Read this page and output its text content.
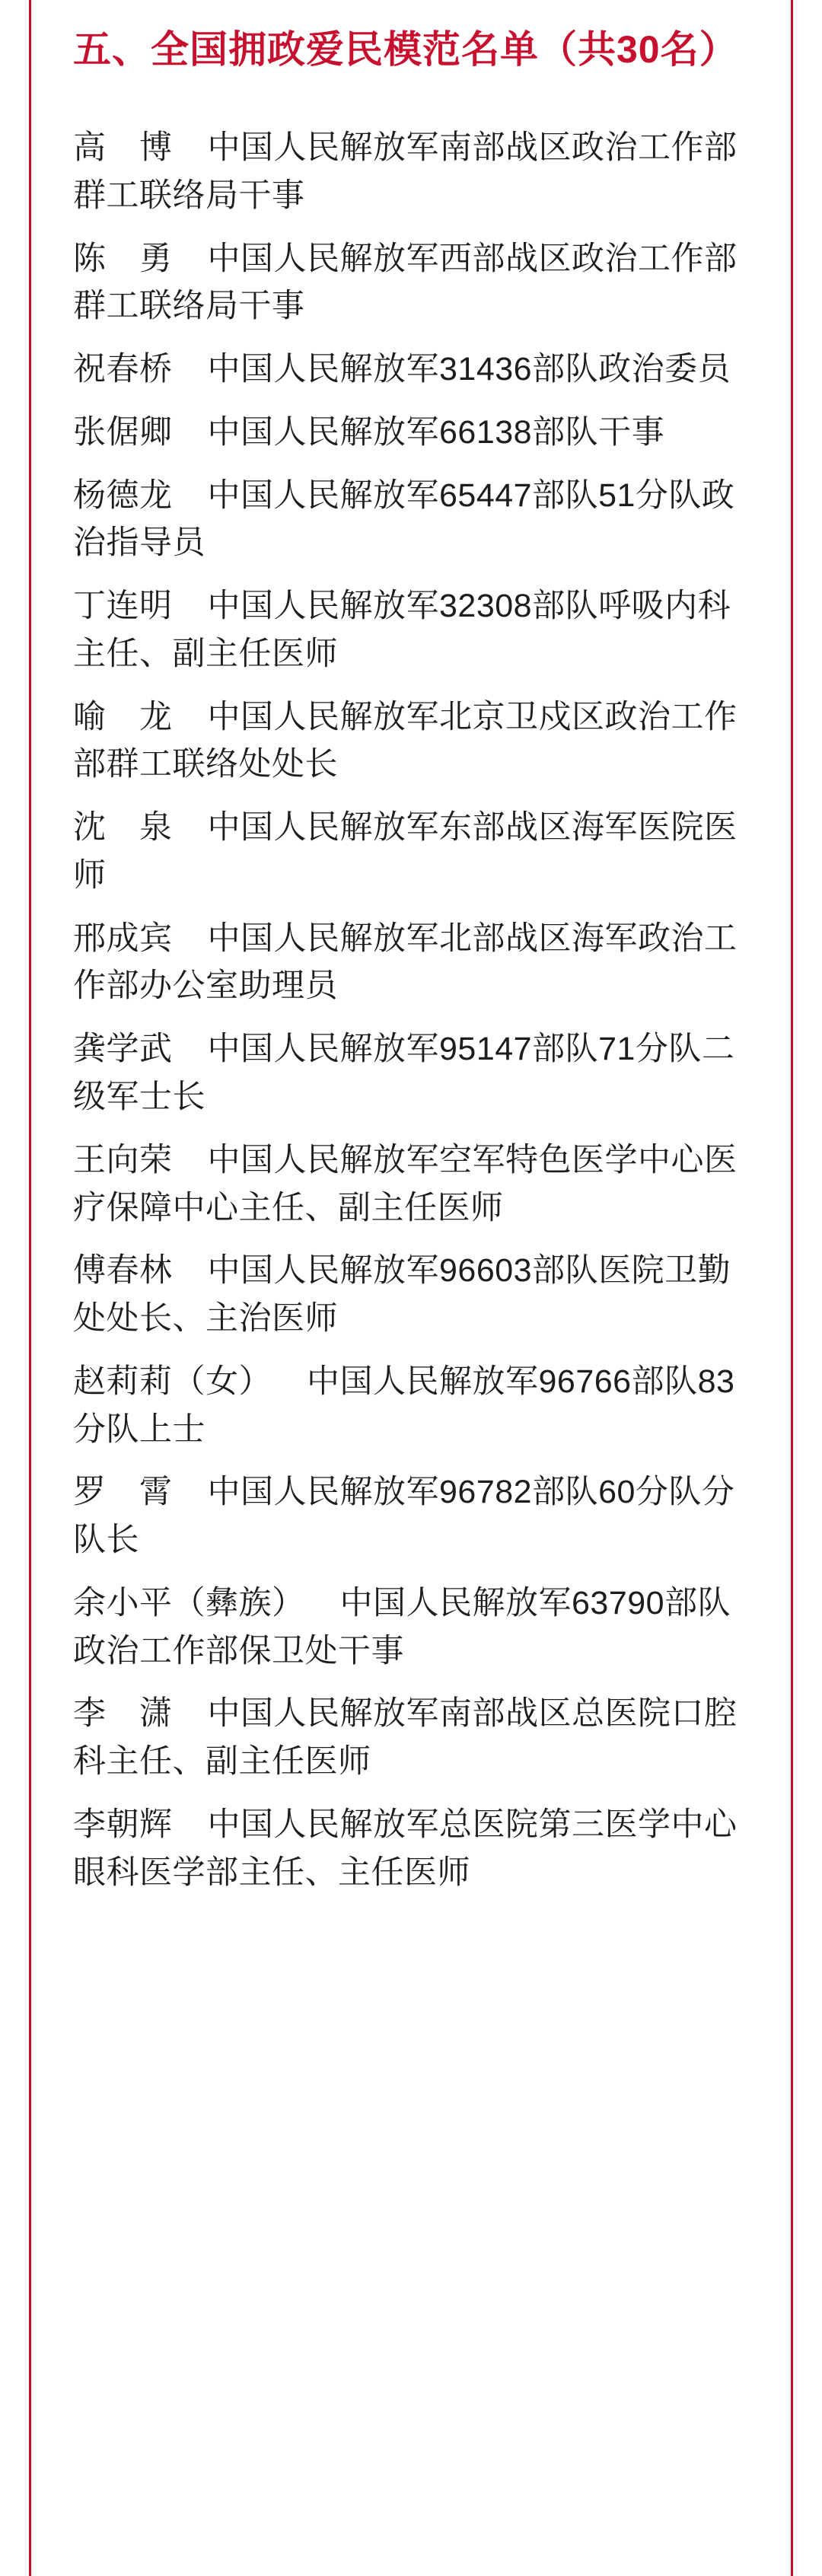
五、全国拥政爱民模范名单（共30名）

高　博 中国人民解放军南部战区政治工作部群工联络局干事

陈　勇 中国人民解放军西部战区政治工作部群工联络局干事

祝春桥 中国人民解放军31436部队政治委员

张倨卿 中国人民解放军66138部队干事

杨德龙 中国人民解放军65447部队51分队政治指导员

丁连明 中国人民解放军32308部队呼吸内科主任、副主任医师

喻　龙 中国人民解放军北京卫戍区政治工作部群工联络处处长

沈　泉 中国人民解放军东部战区海军医院医师

邢成宾 中国人民解放军北部战区海军政治工作部办公室助理员

龚学武 中国人民解放军95147部队71分队二级军士长

王向荣 中国人民解放军空军特色医学中心医疗保障中心主任、副主任医师

傅春林 中国人民解放军96603部队医院卫勤处处长、主治医师

赵莉莉（女） 中国人民解放军96766部队83分队上士

罗　霄 中国人民解放军96782部队60分队分队长

余小平（彝族） 中国人民解放军63790部队政治工作部保卫处干事

李　潇 中国人民解放军南部战区总医院口腔科主任、副主任医师

李朝辉 中国人民解放军总医院第三医学中心眼科医学部主任、主任医师
